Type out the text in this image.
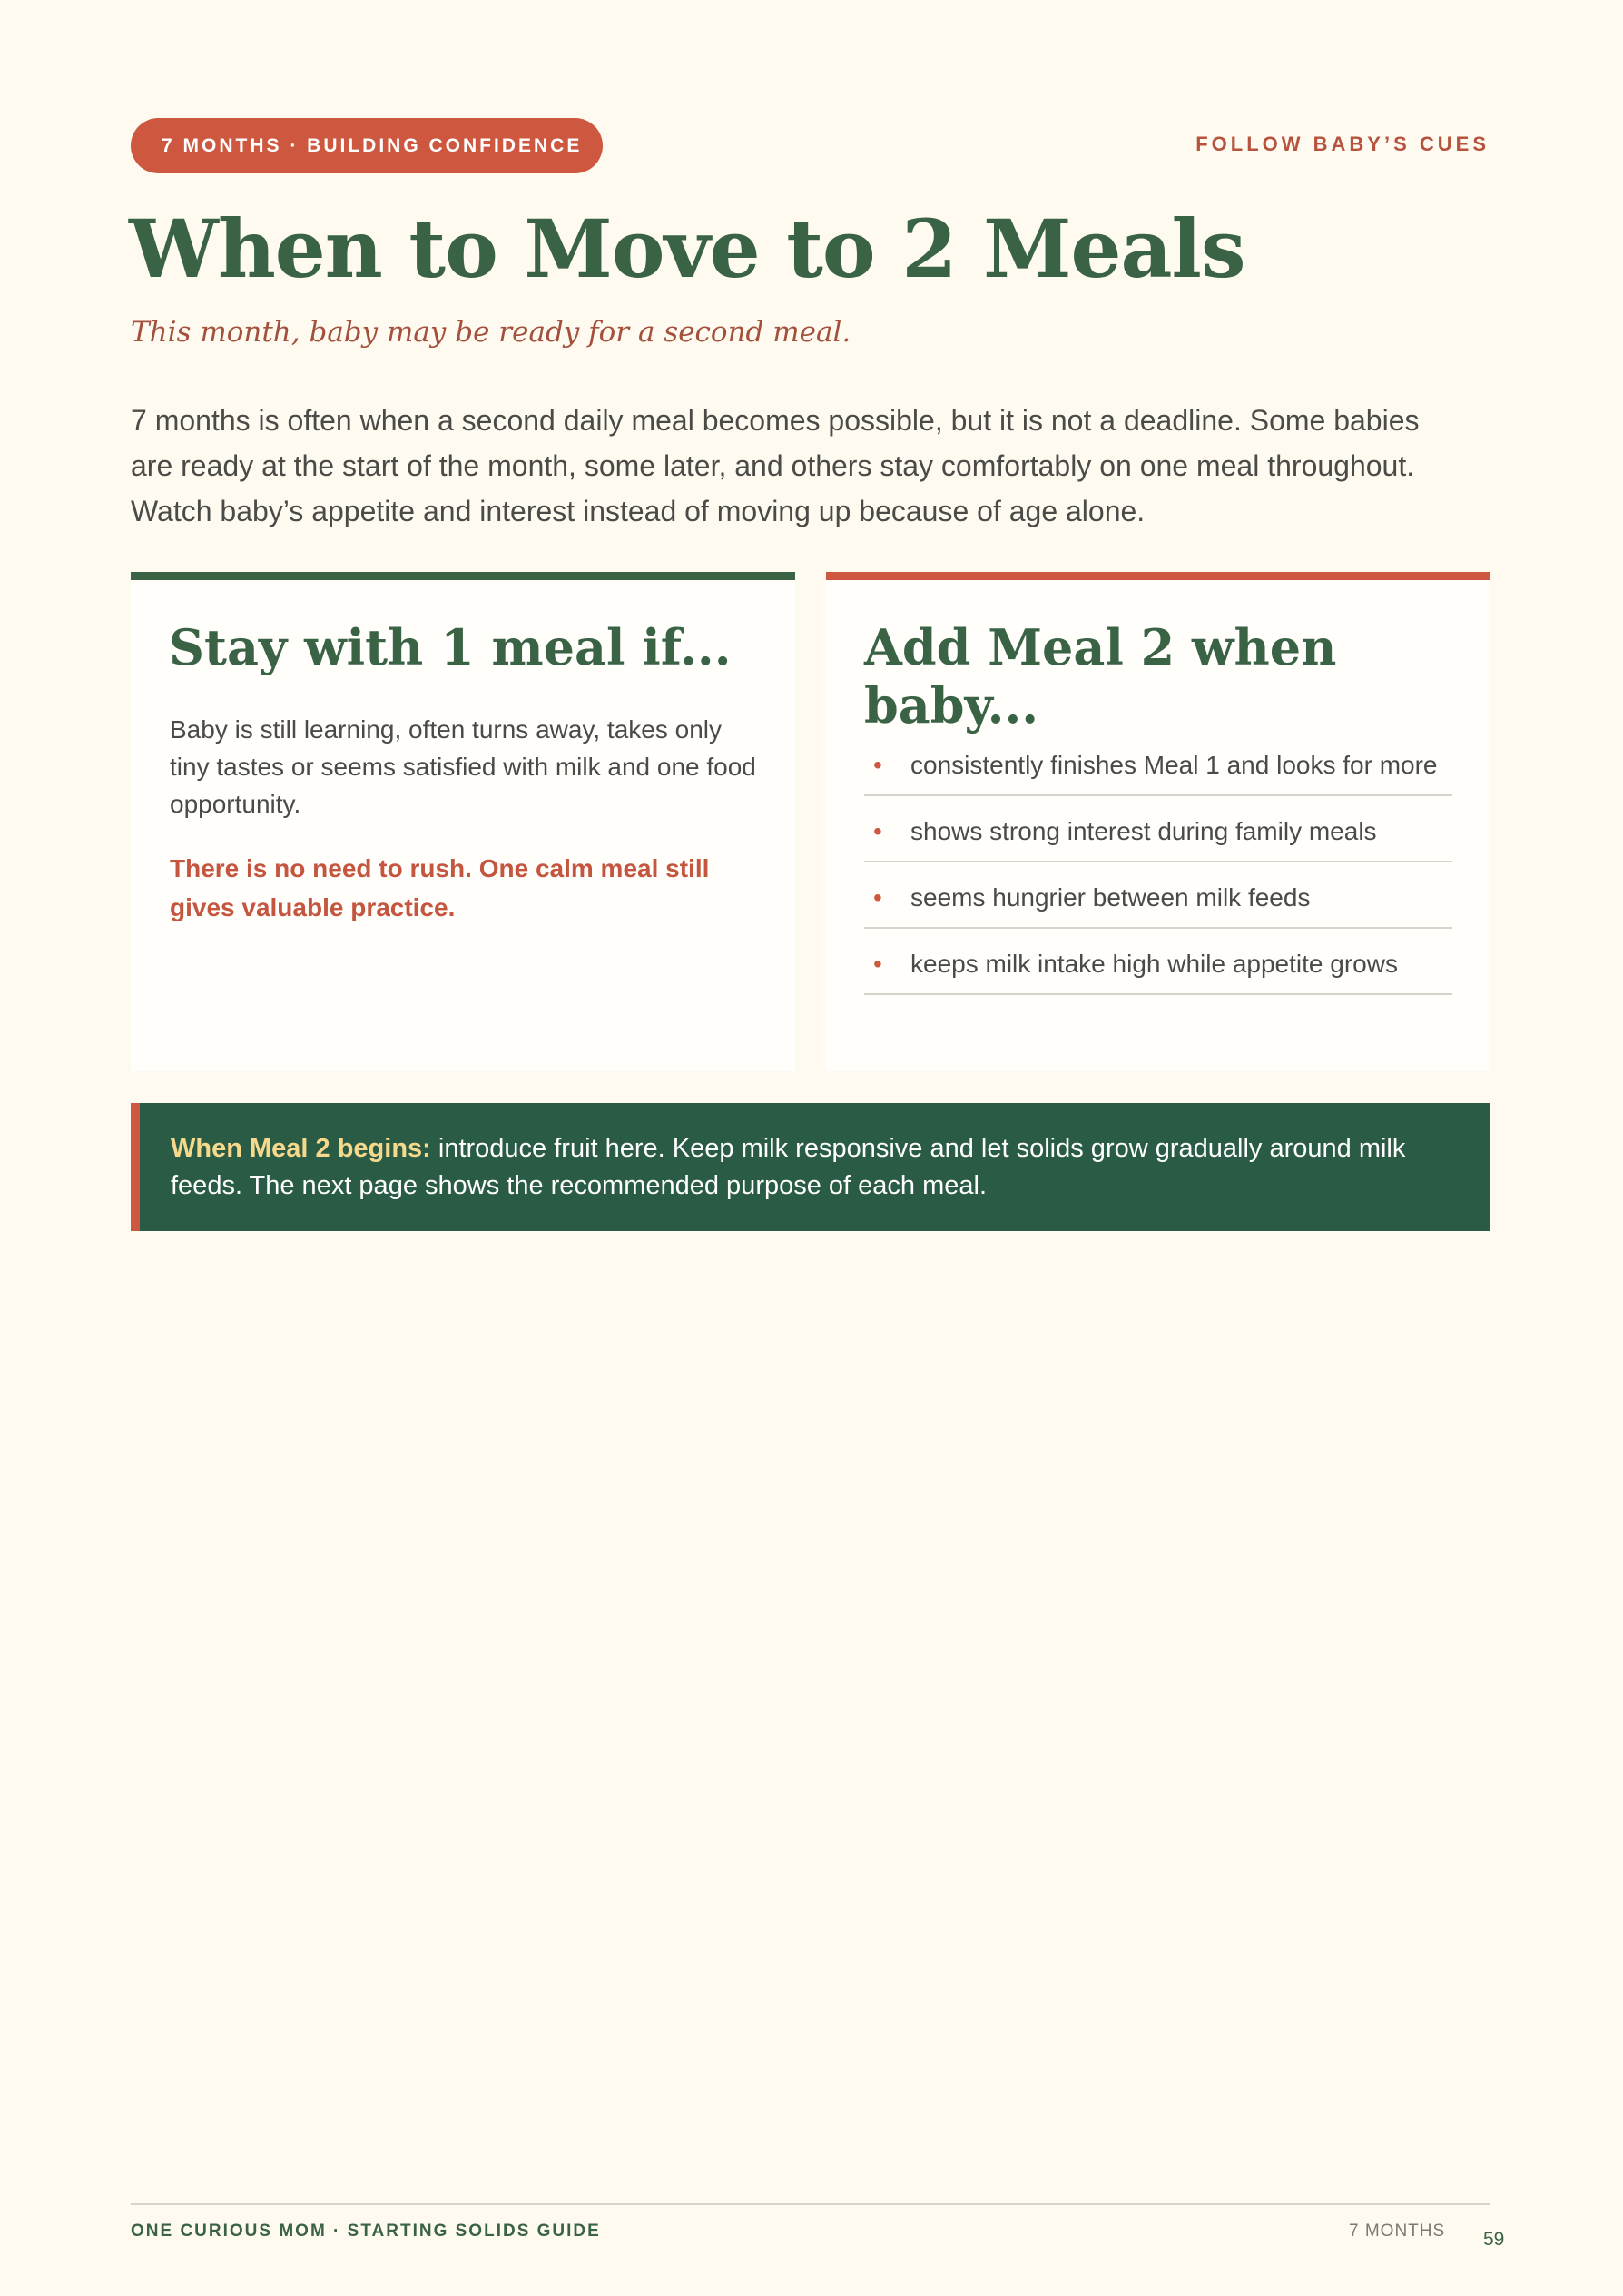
7 MONTHS · BUILDING CONFIDENCE	FOLLOW BABY’S CUES
When to Move to 2 Meals

This month, baby may be ready for a second meal.

7 months is often when a second daily meal becomes possible, but it is not a deadline. Some babies are ready at the start of the month, some later, and others stay comfortably on one meal throughout. Watch baby’s appetite and interest instead of moving up because of age alone.

Stay with 1 meal if...

Baby is still learning, often turns away, takes only tiny tastes or seems satisfied with milk and one food opportunity.

There is no need to rush. One calm meal still gives valuable practice.

Add Meal 2 when baby...
• consistently finishes Meal 1 and looks for more
• shows strong interest during family meals
• seems hungrier between milk feeds
• keeps milk intake high while appetite grows
When Meal 2 begins: introduce fruit here. Keep milk responsive and let solids grow gradually around milk feeds. The next page shows the recommended purpose of each meal.
ONE CURIOUS MOM · STARTING SOLIDS GUIDE	7 MONTHS 59
